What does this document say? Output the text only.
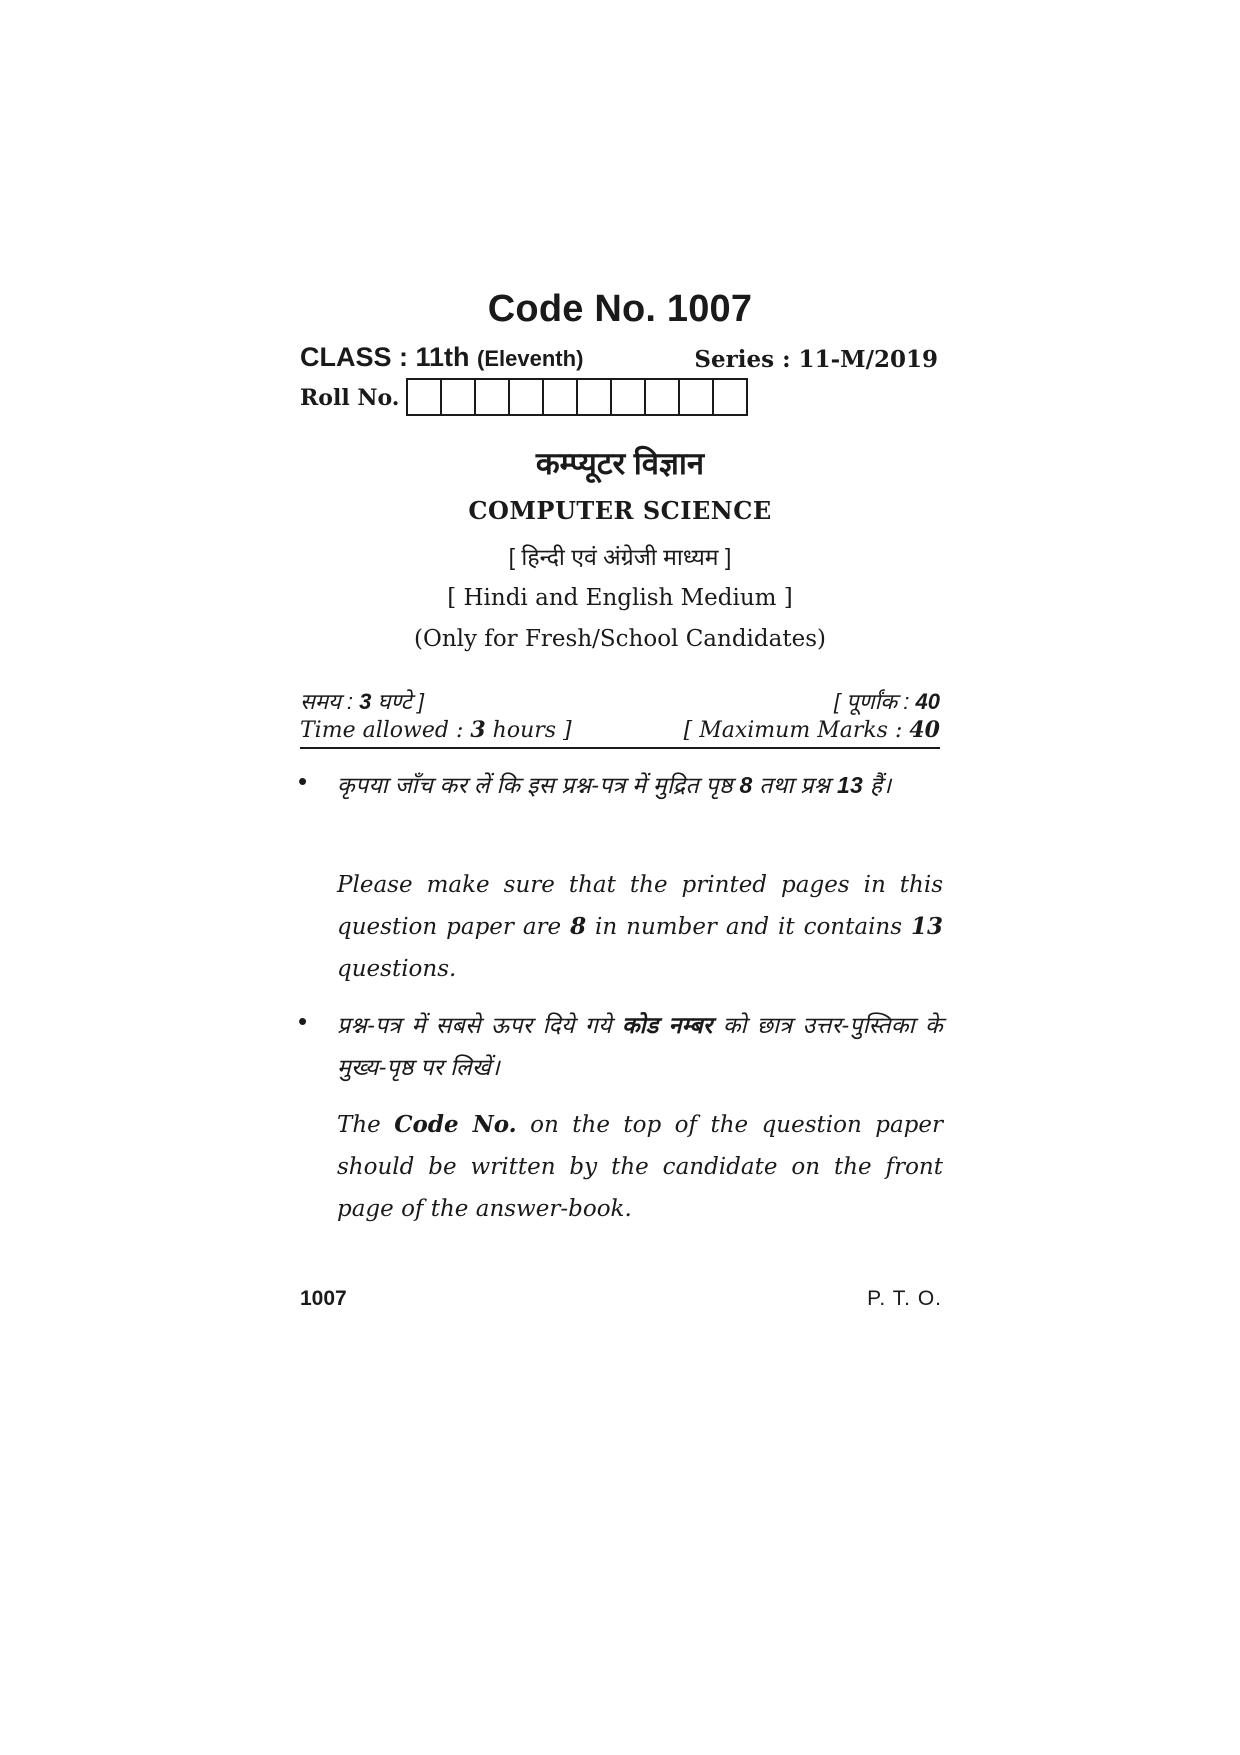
Code No. 1007
CLASS : 11th (Eleventh)	Series : 11-M/2019
Roll No.
कम्प्यूटर विज्ञान
COMPUTER SCIENCE
[ हिन्दी एवं अंग्रेजी माध्यम ]
[ Hindi and English Medium ]
(Only for Fresh/School Candidates)
समय : 3 घण्टे ]	[ पूर्णांक : 40
Time allowed : 3 hours ]	[ Maximum Marks : 40
• कृपया जाँच कर लें कि इस प्रश्न-पत्र में मुद्रित पृष्ठ 8 तथा प्रश्न 13 हैं।
Please make sure that the printed pages in this question paper are 8 in number and it contains 13 questions.
• प्रश्न-पत्र में सबसे ऊपर दिये गये कोड नम्बर को छात्र उत्तर-पुस्तिका के मुख्य-पृष्ठ पर लिखें।
The Code No. on the top of the question paper should be written by the candidate on the front page of the answer-book.
1007	P. T. O.
